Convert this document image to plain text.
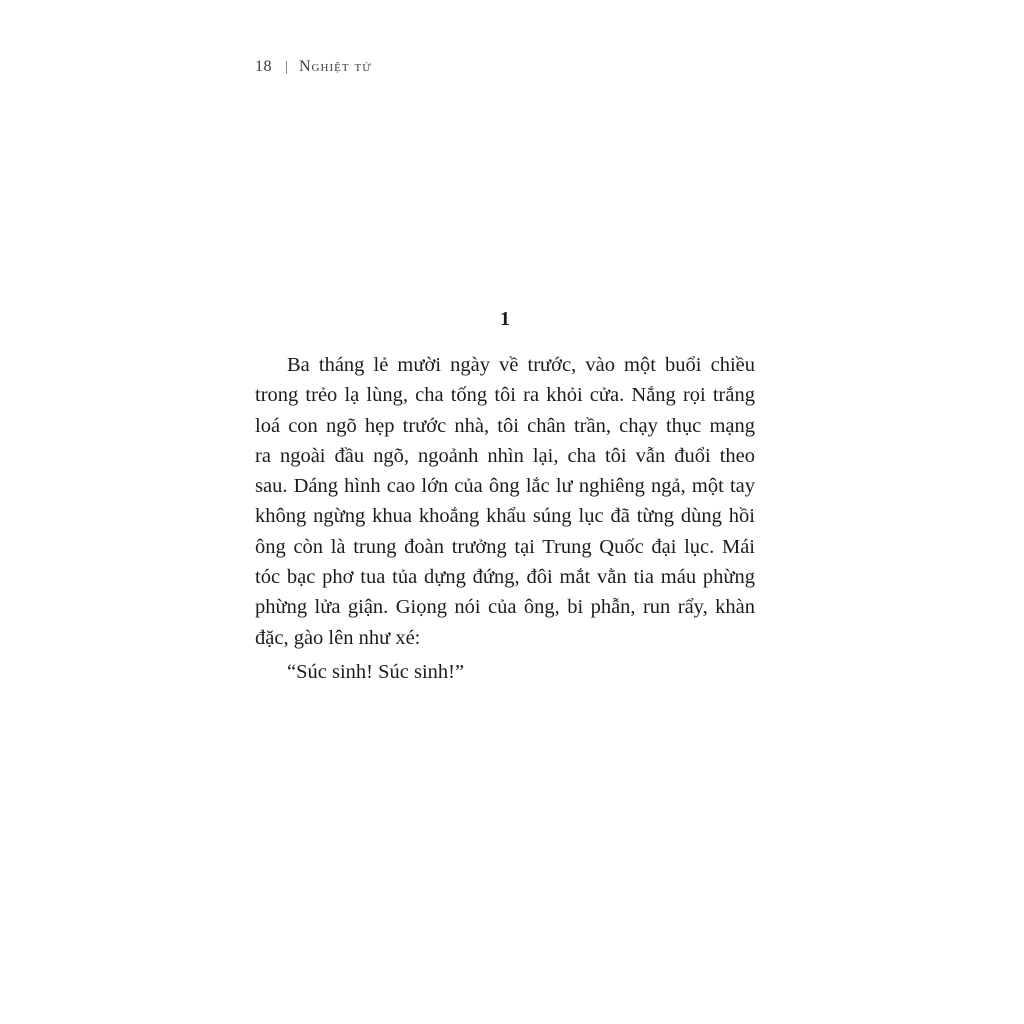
18 Nghiệt tử
1
Ba tháng lẻ mười ngày về trước, vào một buổi chiều
trong trẻo lạ lùng, cha tống tôi ra khỏi cửa. Nắng rọi trắng
loá con ngõ hẹp trước nhà, tôi chân trần, chạy thục mạng
ra ngoài đầu ngõ, ngoảnh nhìn lại, cha tôi vẫn đuổi theo
sau. Dáng hình cao lớn của ông lắc lư nghiêng ngả, một tay
không ngừng khua khoắng khẩu súng lục đã từng dùng hồi
ông còn là trung đoàn trưởng tại Trung Quốc đại lục. Mái
tóc bạc phơ tua tủa dựng đứng, đôi mắt vằn tia máu phừng
phừng lửa giận. Giọng nói của ông, bi phẫn, run rẩy, khàn
đặc, gào lên như xé:
“Súc sinh! Súc sinh!”
